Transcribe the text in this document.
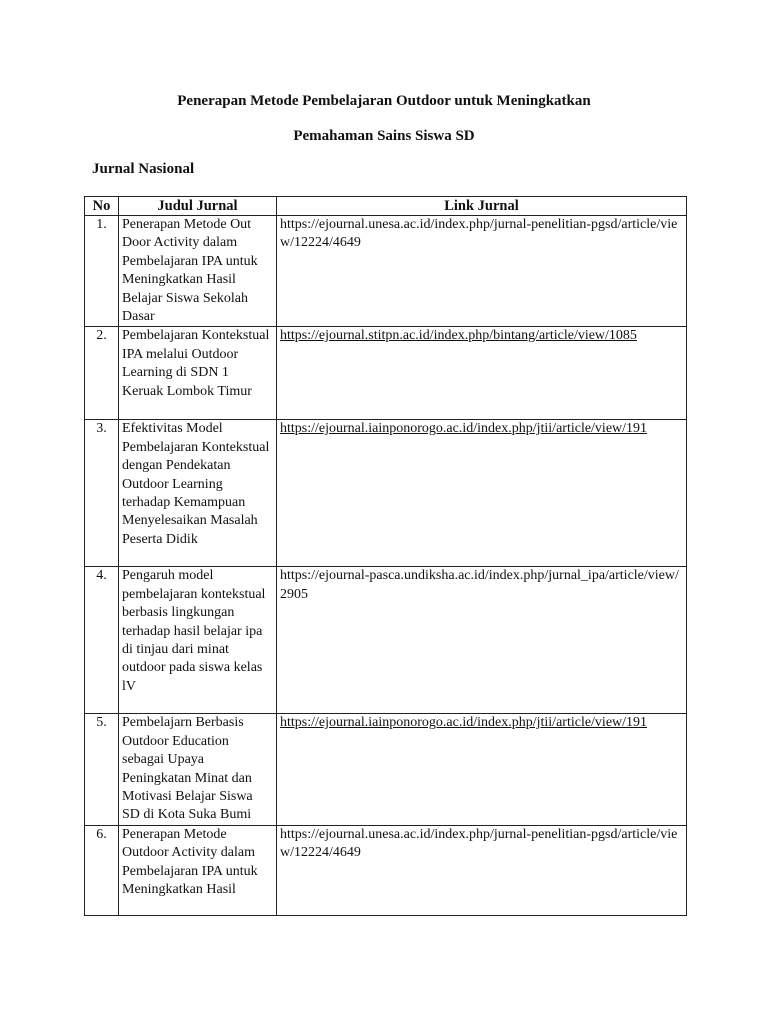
Penerapan Metode Pembelajaran Outdoor untuk Meningkatkan
Pemahaman Sains Siswa SD
Jurnal Nasional
No	Judul Jurnal	Link Jurnal
1.	Penerapan Metode Out Door Activity dalam Pembelajaran IPA untuk Meningkatkan Hasil Belajar Siswa Sekolah Dasar	https://ejournal.unesa.ac.id/index.php/jurnal-penelitian-pgsd/article/view/12224/4649
2.	Pembelajaran Kontekstual IPA melalui Outdoor Learning di SDN 1 Keruak Lombok Timur	https://ejournal.stitpn.ac.id/index.php/bintang/article/view/1085
3.	Efektivitas Model Pembelajaran Kontekstual dengan Pendekatan Outdoor Learning terhadap Kemampuan Menyelesaikan Masalah Peserta Didik	https://ejournal.iainponorogo.ac.id/index.php/jtii/article/view/191
4.	Pengaruh model pembelajaran kontekstual berbasis lingkungan terhadap hasil belajar ipa di tinjau dari minat outdoor pada siswa kelas lV	https://ejournal-pasca.undiksha.ac.id/index.php/jurnal_ipa/article/view/2905
5.	Pembelajarn Berbasis Outdoor Education sebagai Upaya Peningkatan Minat dan Motivasi Belajar Siswa SD di Kota Suka Bumi	https://ejournal.iainponorogo.ac.id/index.php/jtii/article/view/191
6.	Penerapan Metode Outdoor Activity dalam Pembelajaran IPA untuk Meningkatkan Hasil	https://ejournal.unesa.ac.id/index.php/jurnal-penelitian-pgsd/article/view/12224/4649
